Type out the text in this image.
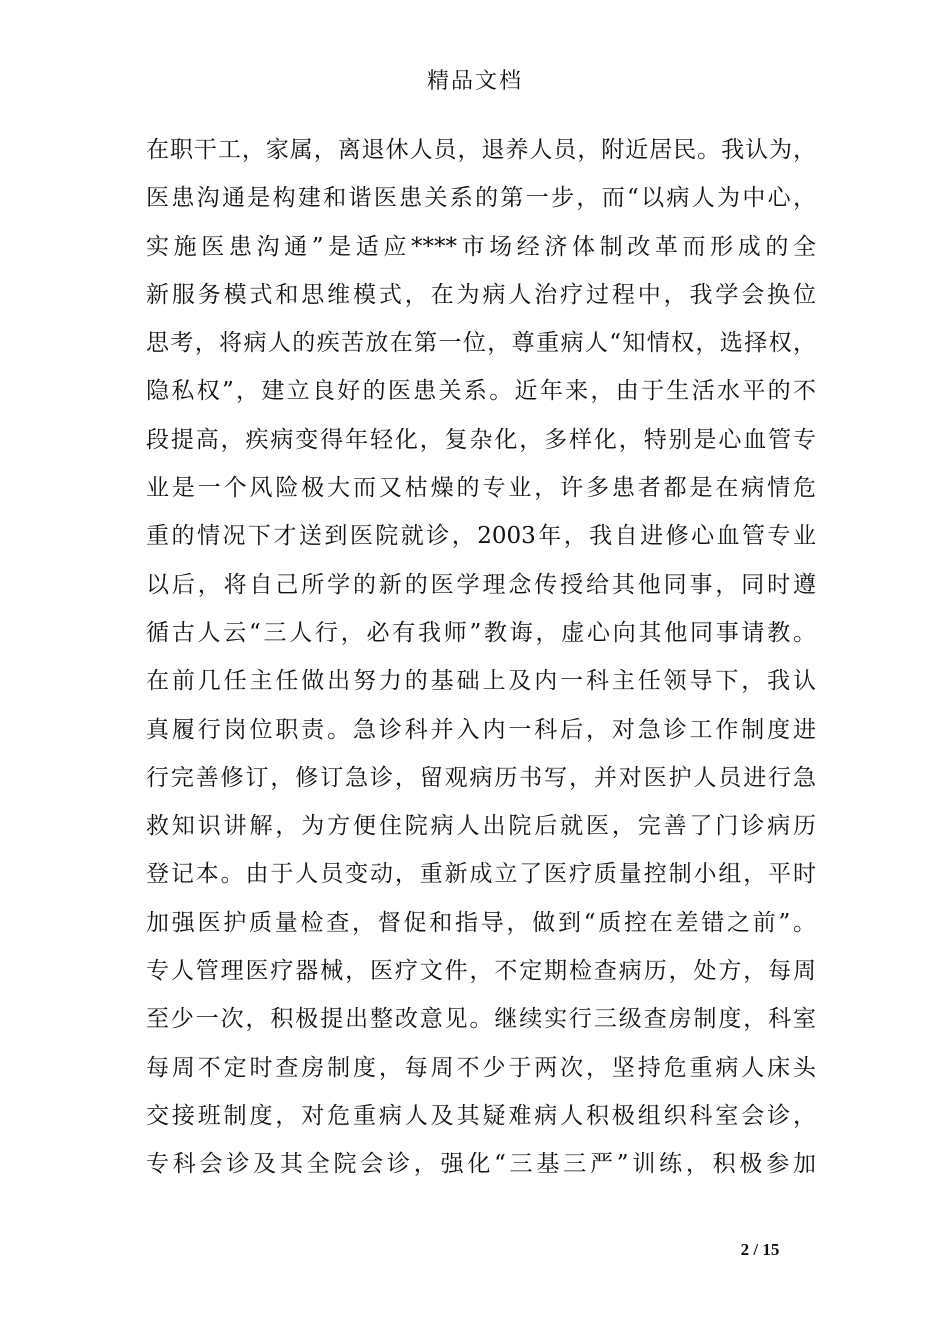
精品文档
在职干工，家属，离退休人员，退养人员，附近居民。我认为，
医患沟通是构建和谐医患关系的第一步，而“以病人为中心，
实施医患沟通”是适应****市场经济体制改革而形成的全
新服务模式和思维模式，在为病人治疗过程中，我学会换位
思考，将病人的疾苦放在第一位，尊重病人“知情权，选择权，
隐私权”，建立良好的医患关系。近年来，由于生活水平的不
段提高，疾病变得年轻化，复杂化，多样化，特别是心血管专
业是一个风险极大而又枯燥的专业，许多患者都是在病情危
重的情况下才送到医院就诊，2003年，我自进修心血管专业
以后，将自己所学的新的医学理念传授给其他同事，同时遵
循古人云“三人行，必有我师”教诲，虚心向其他同事请教。
在前几任主任做出努力的基础上及内一科主任领导下，我认
真履行岗位职责。急诊科并入内一科后，对急诊工作制度进
行完善修订，修订急诊，留观病历书写，并对医护人员进行急
救知识讲解，为方便住院病人出院后就医，完善了门诊病历
登记本。由于人员变动，重新成立了医疗质量控制小组，平时
加强医护质量检查，督促和指导，做到“质控在差错之前”。
专人管理医疗器械，医疗文件，不定期检查病历，处方，每周
至少一次，积极提出整改意见。继续实行三级查房制度，科室
每周不定时查房制度，每周不少于两次，坚持危重病人床头
交接班制度，对危重病人及其疑难病人积极组织科室会诊，
专科会诊及其全院会诊，强化“三基三严”训练，积极参加
2 / 15
